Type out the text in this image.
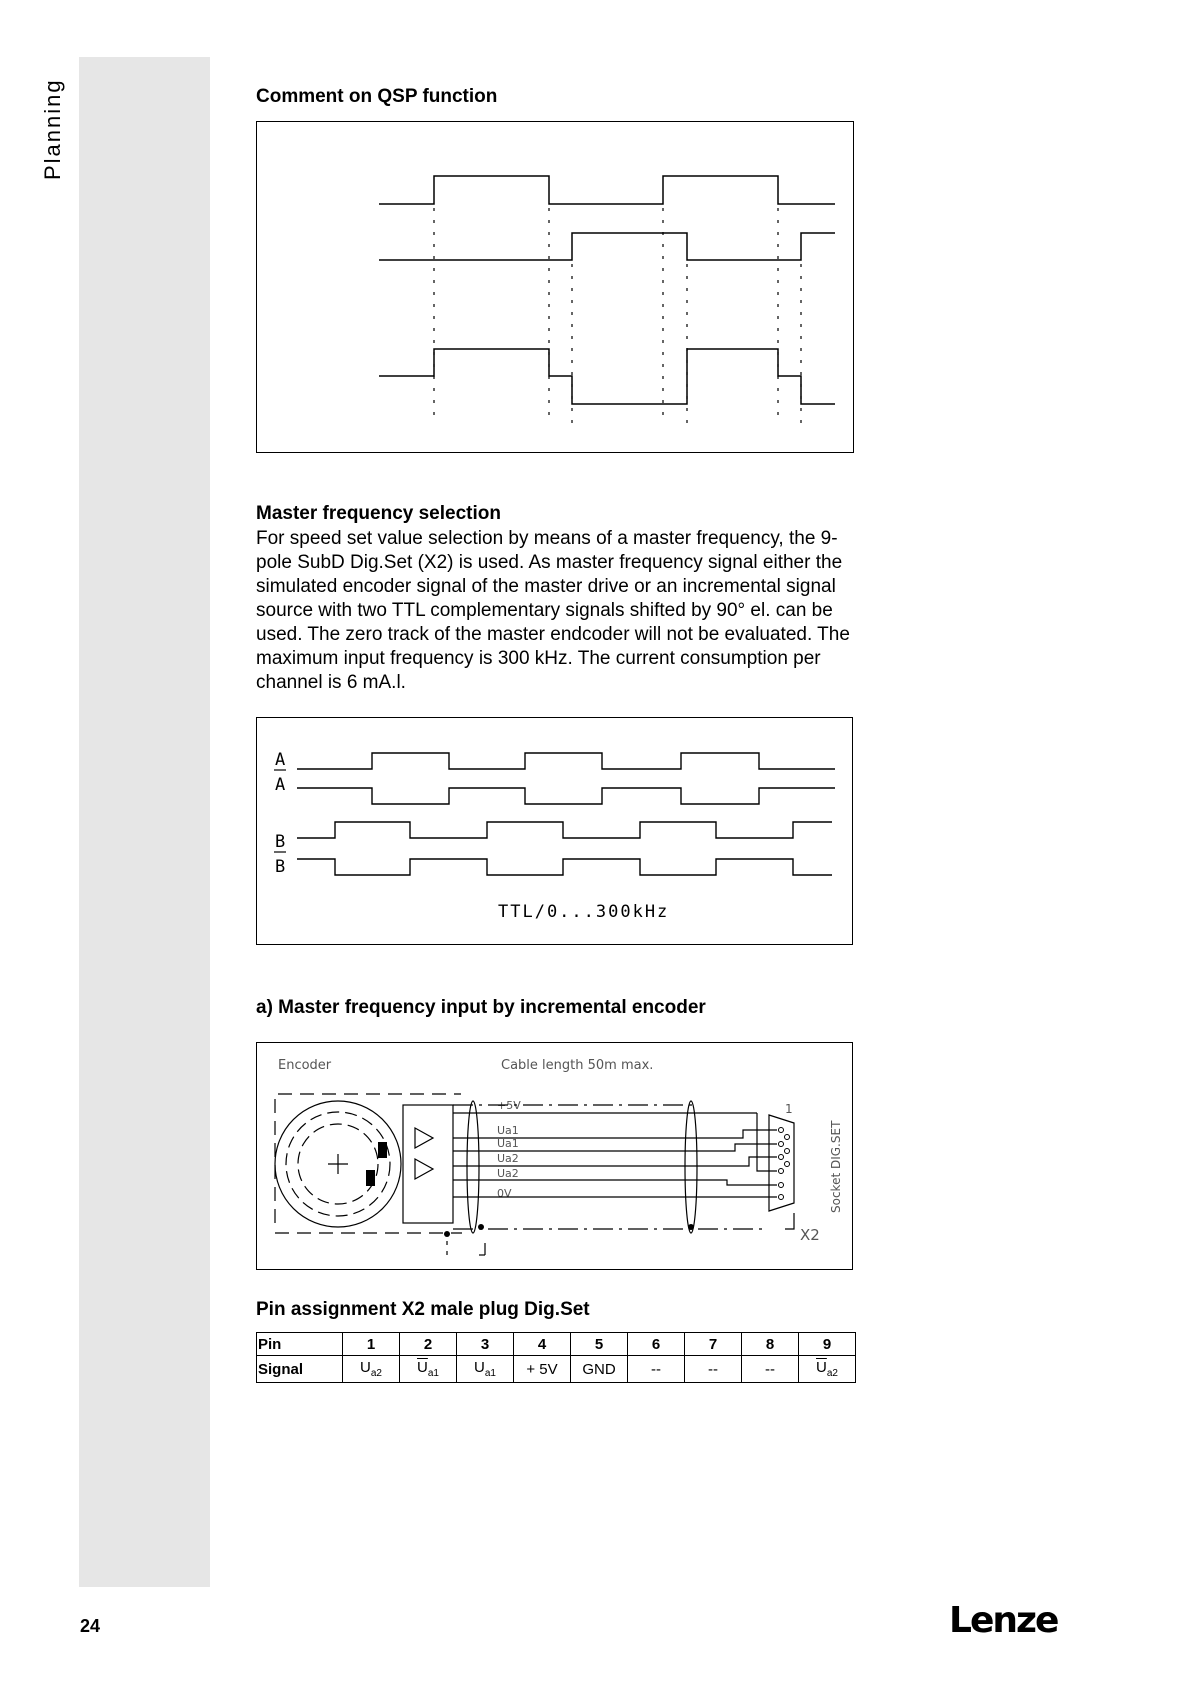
Planning	Comment on QSP function
Master frequency selection
For speed set value selection by means of a master frequency, the 9-pole SubD Dig.Set (X2) is used. As master frequency signal either the simulated encoder signal of the master drive or an incremental signal source with two TTL complementary signals shifted by 90° el. can be used. The zero track of the master endcoder will not be evaluated. The maximum input frequency is 300 kHz. The current consumption per channel is 6 mA.l.
A
A
B
B
TTL/0...300kHz
a) Master frequency input by incremental encoder
Encoder	Cable length 50m max.
+5V
Ua1
Ua1
Ua2
Ua2
0V
1
Socket DIG.SET
X2
Pin assignment X2 male plug Dig.Set
Pin	1	2	3	4	5	6	7	8	9
Signal	$U_{a2}$	$\overline{U}_{a1}$	$U_{a1}$	+ 5V	GND	--	--	--	$\overline{U}_{a2}$
24	Lenze
